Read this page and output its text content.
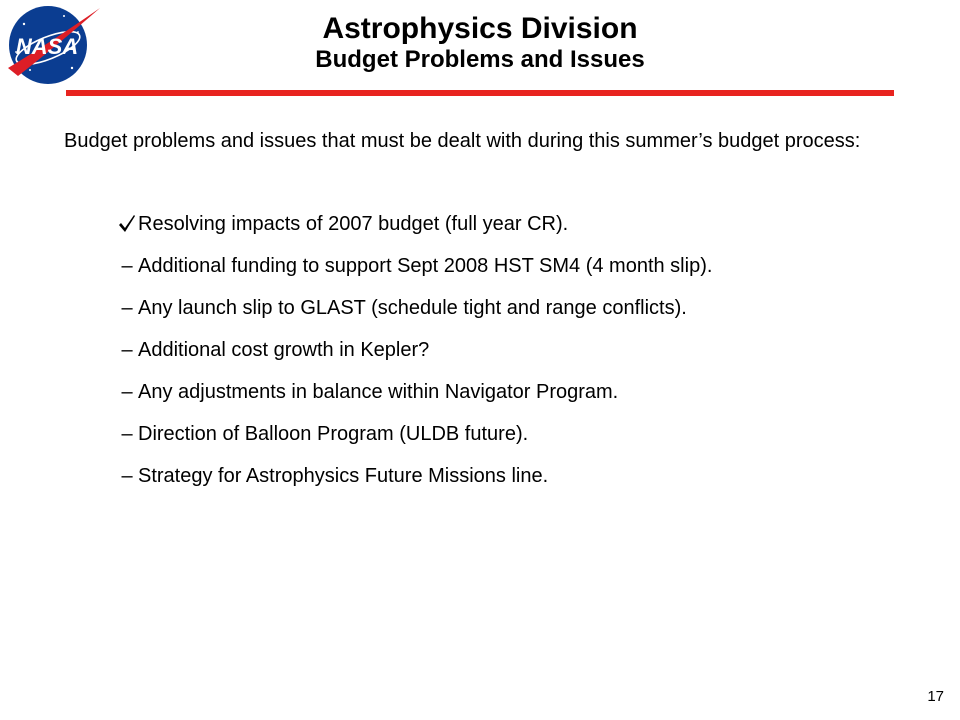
NASA
Astrophysics Division
Budget Problems and Issues
Budget problems and issues that must be dealt with during this summer’s budget process:
Resolving impacts of 2007 budget (full year CR).
– Additional funding to support Sept 2008 HST SM4 (4 month slip).
– Any launch slip to GLAST (schedule tight and range conflicts).
– Additional cost growth in Kepler?
– Any adjustments in balance within Navigator Program.
– Direction of Balloon Program (ULDB future).
– Strategy for Astrophysics Future Missions line.
17
